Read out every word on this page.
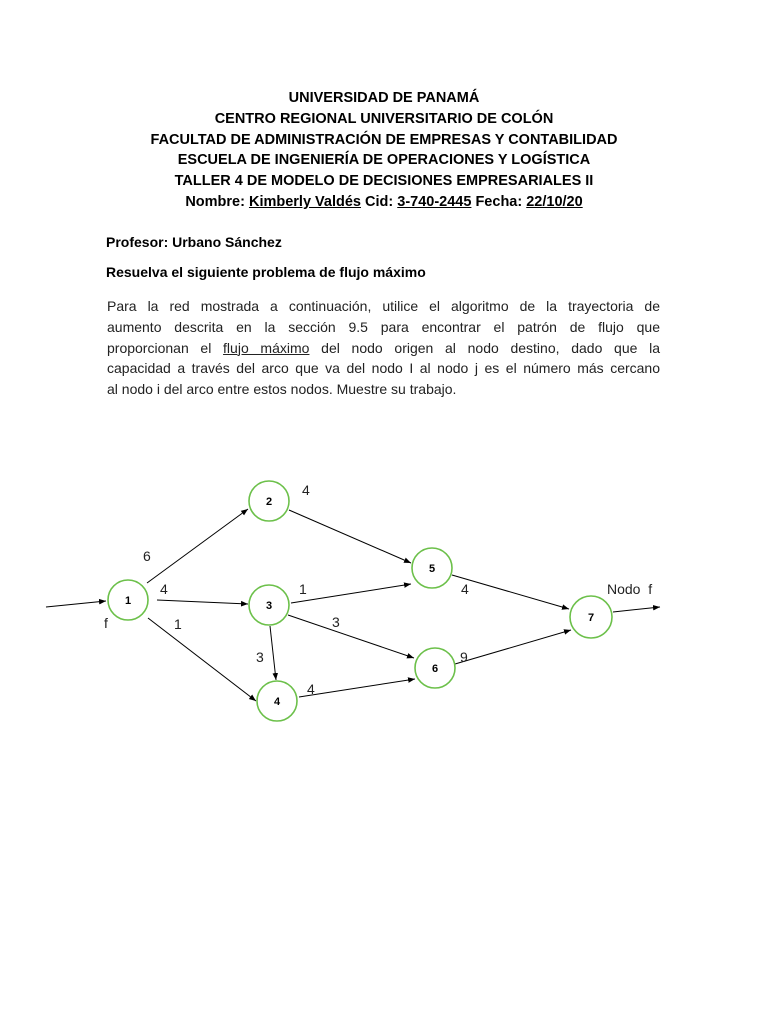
UNIVERSIDAD DE PANAMÁ
CENTRO REGIONAL UNIVERSITARIO DE COLÓN
FACULTAD DE ADMINISTRACIÓN DE EMPRESAS Y CONTABILIDAD
ESCUELA DE INGENIERÍA DE OPERACIONES Y LOGÍSTICA
TALLER 4 DE MODELO DE DECISIONES EMPRESARIALES II
Nombre: Kimberly Valdés Cid: 3-740-2445 Fecha: 22/10/20
Profesor: Urbano Sánchez
Resuelva el siguiente problema de flujo máximo
Para la red mostrada a continuación, utilice el algoritmo de la trayectoria de
aumento descrita en la sección 9.5 para encontrar el patrón de flujo que
proporcionan el flujo máximo del nodo origen al nodo destino, dado que la
capacidad a través del arco que va del nodo I al nodo j es el número más cercano
al nodo i del arco entre estos nodos. Muestre su trabajo.
6
4
1
4
1
3
3
4
4
9
f
Nodo  f
1
2
3
4
5
6
7
